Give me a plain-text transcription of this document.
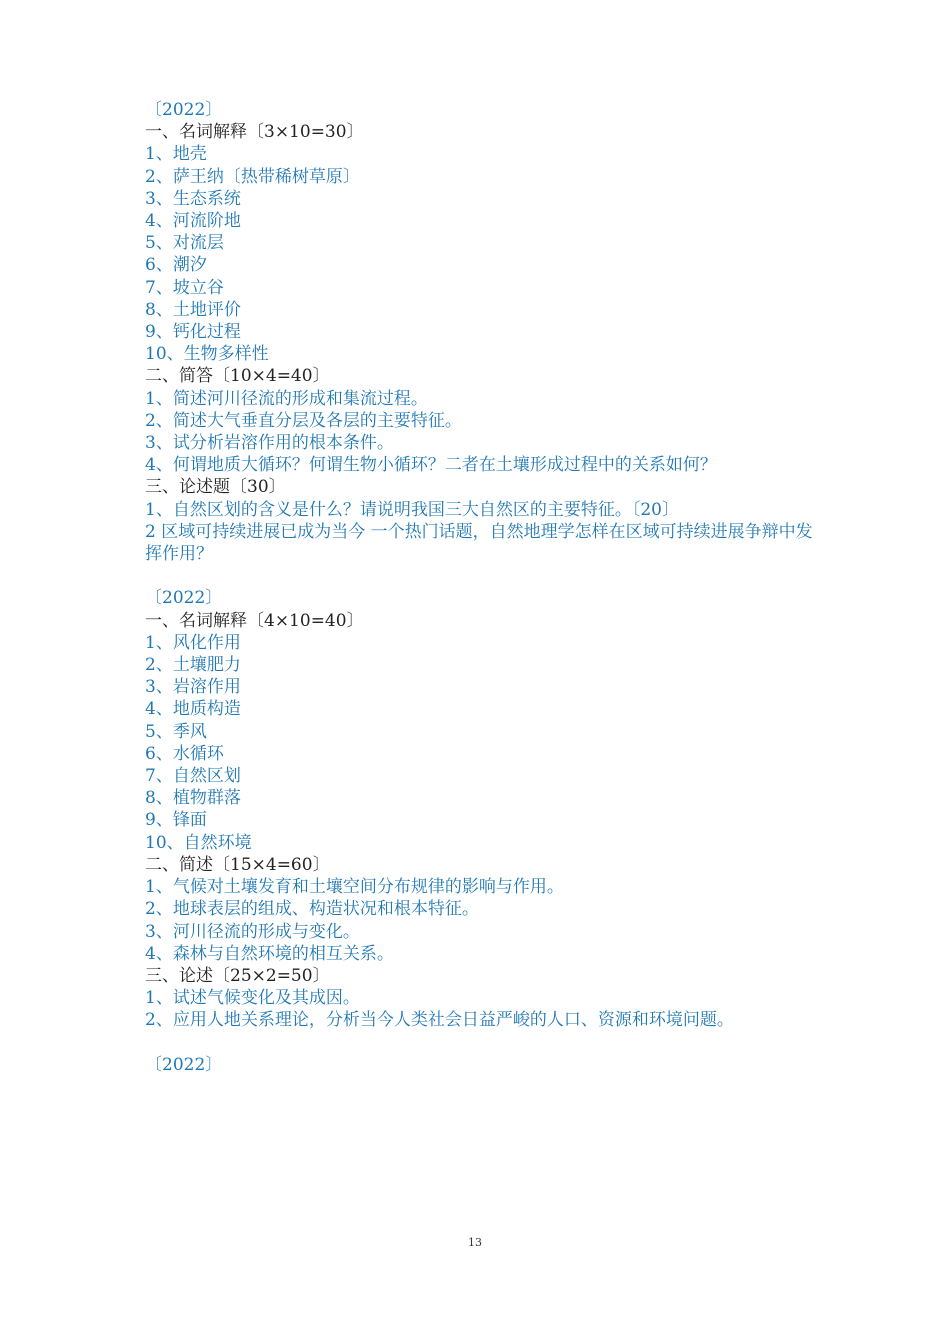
〔2022〕
一、名词解释〔3×10=30〕
1、地壳
2、萨王纳〔热带稀树草原〕
3、生态系统
4、河流阶地
5、对流层
6、潮汐
7、坡立谷
8、土地评价
9、钙化过程
10、生物多样性
二、简答〔10×4=40〕
1、简述河川径流的形成和集流过程。
2、简述大气垂直分层及各层的主要特征。
3、试分析岩溶作用的根本条件。
4、何谓地质大循环？何谓生物小循环？二者在土壤形成过程中的关系如何？
三、论述题〔30〕
1、自然区划的含义是什么？请说明我国三大自然区的主要特征。〔20〕
2 区域可持续进展已成为当今 一个热门话题，自然地理学怎样在区域可持续进展争辩中发挥作用？
〔2022〕
一、名词解释〔4×10=40〕
1、风化作用
2、土壤肥力
3、岩溶作用
4、地质构造
5、季风
6、水循环
7、自然区划
8、植物群落
9、锋面
10、自然环境
二、简述〔15×4=60〕
1、气候对土壤发育和土壤空间分布规律的影响与作用。
2、地球表层的组成、构造状况和根本特征。
3、河川径流的形成与变化。
4、森林与自然环境的相互关系。
三、论述〔25×2=50〕
1、试述气候变化及其成因。
2、应用人地关系理论，分析当今人类社会日益严峻的人口、资源和环境问题。
〔2022〕
13
